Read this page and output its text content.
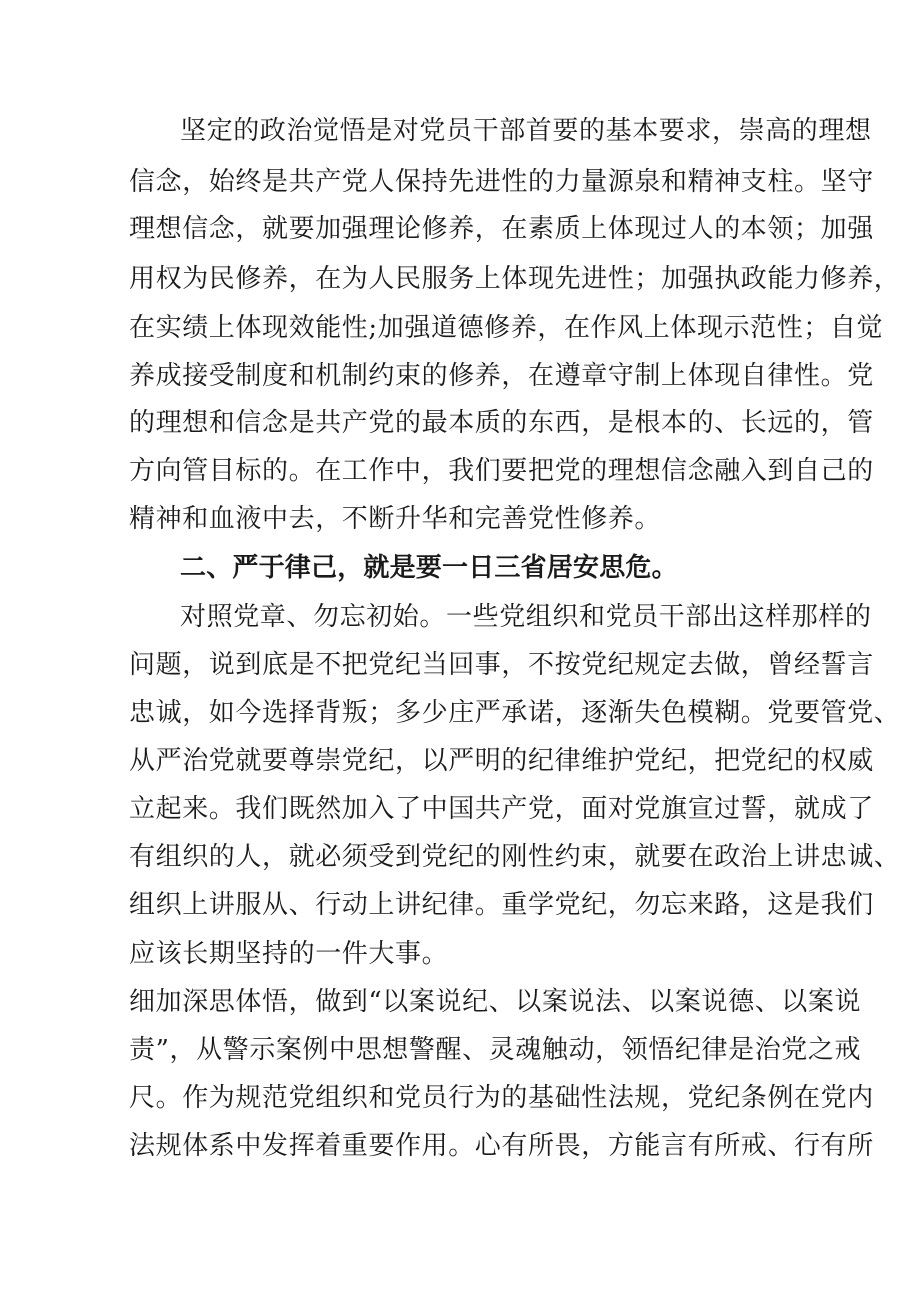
坚定的政治觉悟是对党员干部首要的基本要求，崇高的理想
信念，始终是共产党人保持先进性的力量源泉和精神支柱。坚守
理想信念，就要加强理论修养，在素质上体现过人的本领；加强
用权为民修养，在为人民服务上体现先进性；加强执政能力修养，
在实绩上体现效能性;加强道德修养，在作风上体现示范性；自觉
养成接受制度和机制约束的修养，在遵章守制上体现自律性。党
的理想和信念是共产党的最本质的东西，是根本的、长远的，管
方向管目标的。在工作中，我们要把党的理想信念融入到自己的
精神和血液中去，不断升华和完善党性修养。
二、严于律己，就是要一日三省居安思危。
对照党章、勿忘初始。一些党组织和党员干部出这样那样的
问题，说到底是不把党纪当回事，不按党纪规定去做，曾经誓言
忠诚，如今选择背叛；多少庄严承诺，逐渐失色模糊。党要管党、
从严治党就要尊崇党纪，以严明的纪律维护党纪，把党纪的权威
立起来。我们既然加入了中国共产党，面对党旗宣过誓，就成了
有组织的人，就必须受到党纪的刚性约束，就要在政治上讲忠诚、
组织上讲服从、行动上讲纪律。重学党纪，勿忘来路，这是我们
应该长期坚持的一件大事。
细加深思体悟，做到“以案说纪、以案说法、以案说德、以案说
责”，从警示案例中思想警醒、灵魂触动，领悟纪律是治党之戒
尺。作为规范党组织和党员行为的基础性法规，党纪条例在党内
法规体系中发挥着重要作用。心有所畏，方能言有所戒、行有所
